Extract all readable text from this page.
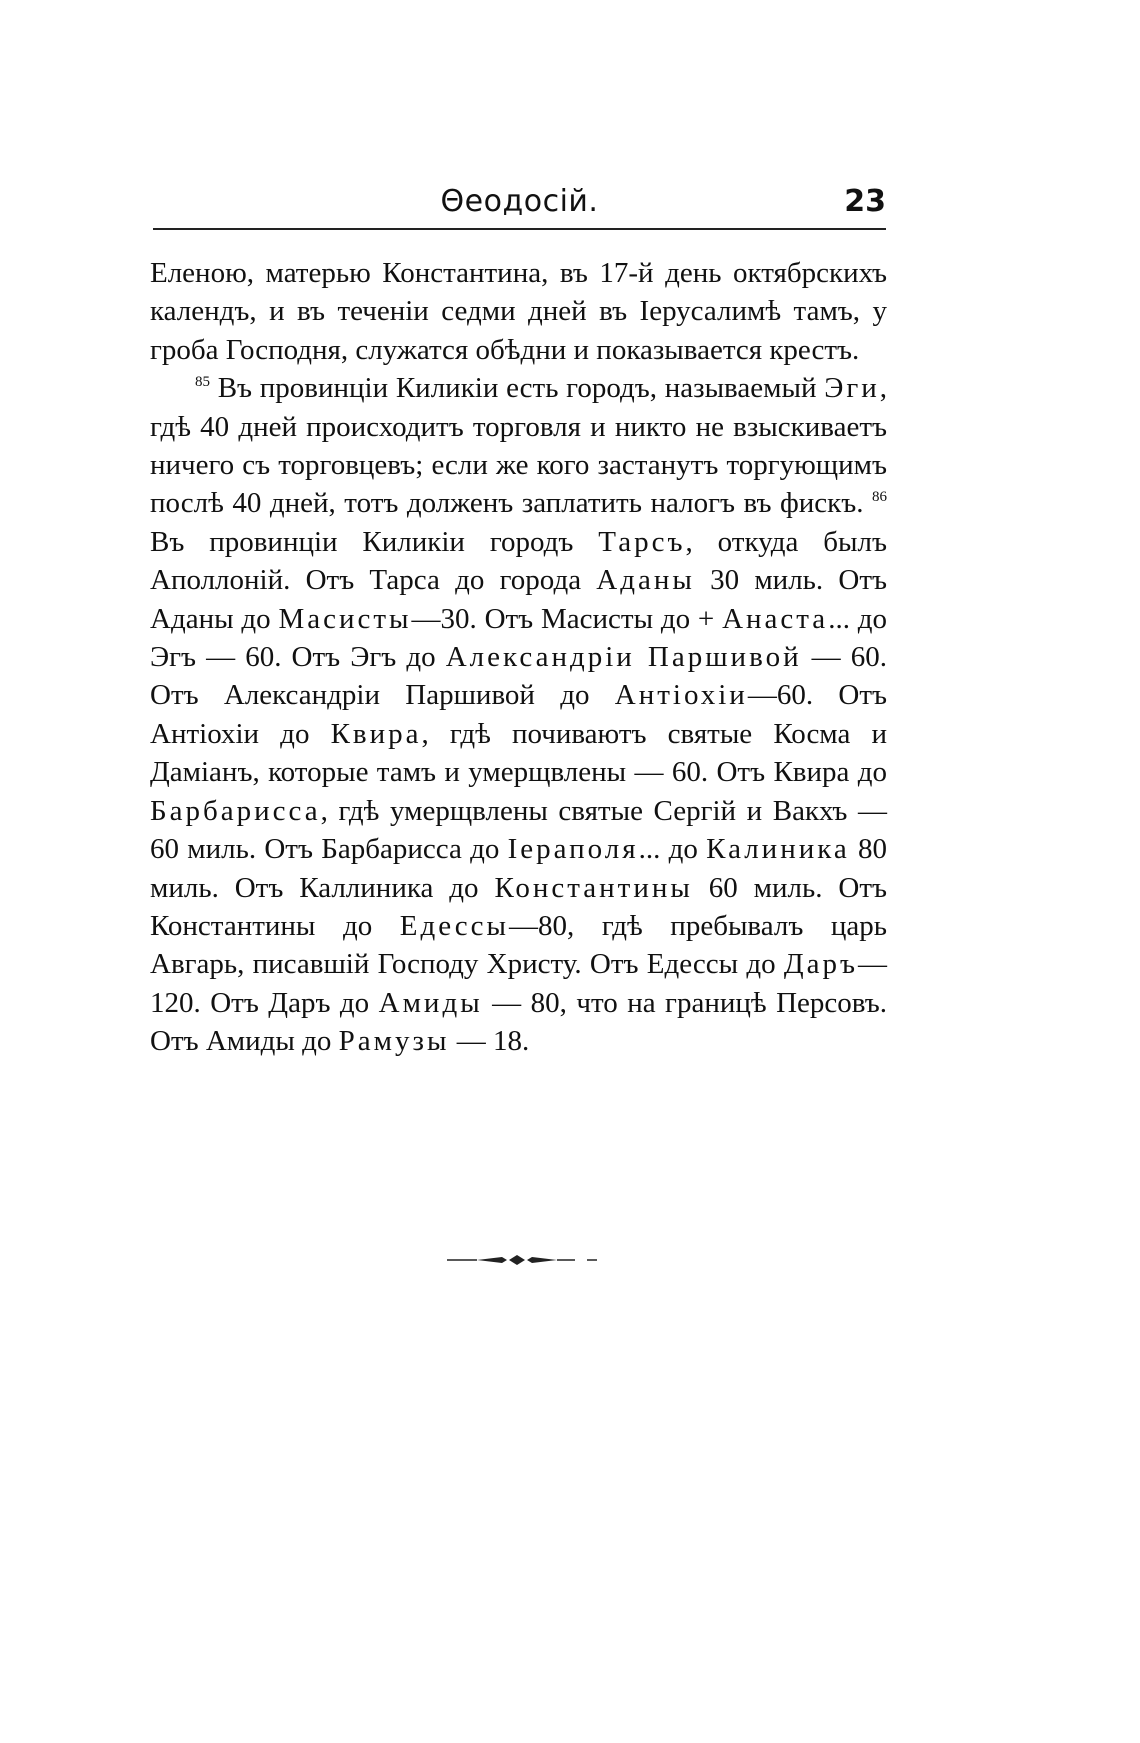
Θеодосій.	23

Еленою, матерью Константина, въ 17-й день октябрскихъ календъ, и въ теченіи седми дней въ Іерусалимѣ тамъ, у гроба Господня, служатся обѣдни и показывается крестъ.

$^{85}$ Въ провинціи Киликіи есть городъ, называемый Эги, гдѣ 40 дней происходитъ торговля и никто не взыскиваетъ ничего съ торговцевъ; если же кого застанутъ торгующимъ послѣ 40 дней, тотъ долженъ заплатить налогъ въ фискъ. $^{86}$ Въ провинціи Киликіи городъ Тарсъ, откуда былъ Аполлоній. Отъ Тарса до города Аданы 30 миль. Отъ Аданы до Масисты—30. Отъ Масисты до + Анаста... до Эгъ — 60. Отъ Эгъ до Александріи Паршивой — 60. Отъ Александріи Паршивой до Антіохіи—60. Отъ Антіохіи до Квира, гдѣ почиваютъ святые Косма и Даміанъ, которые тамъ и умерщвлены — 60. Отъ Квира до Барбарисса, гдѣ умерщвлены святые Сергій и Вакхъ — 60 миль. Отъ Барбарисса до Іераполя... до Калиника 80 миль. Отъ Каллиника до Константины 60 миль. Отъ Константины до Едессы—80, гдѣ пребывалъ царь Авгарь, писавшій Господу Христу. Отъ Едессы до Даръ—120. Отъ Даръ до Амиды — 80, что на границѣ Персовъ. Отъ Амиды до Рамузы — 18.
